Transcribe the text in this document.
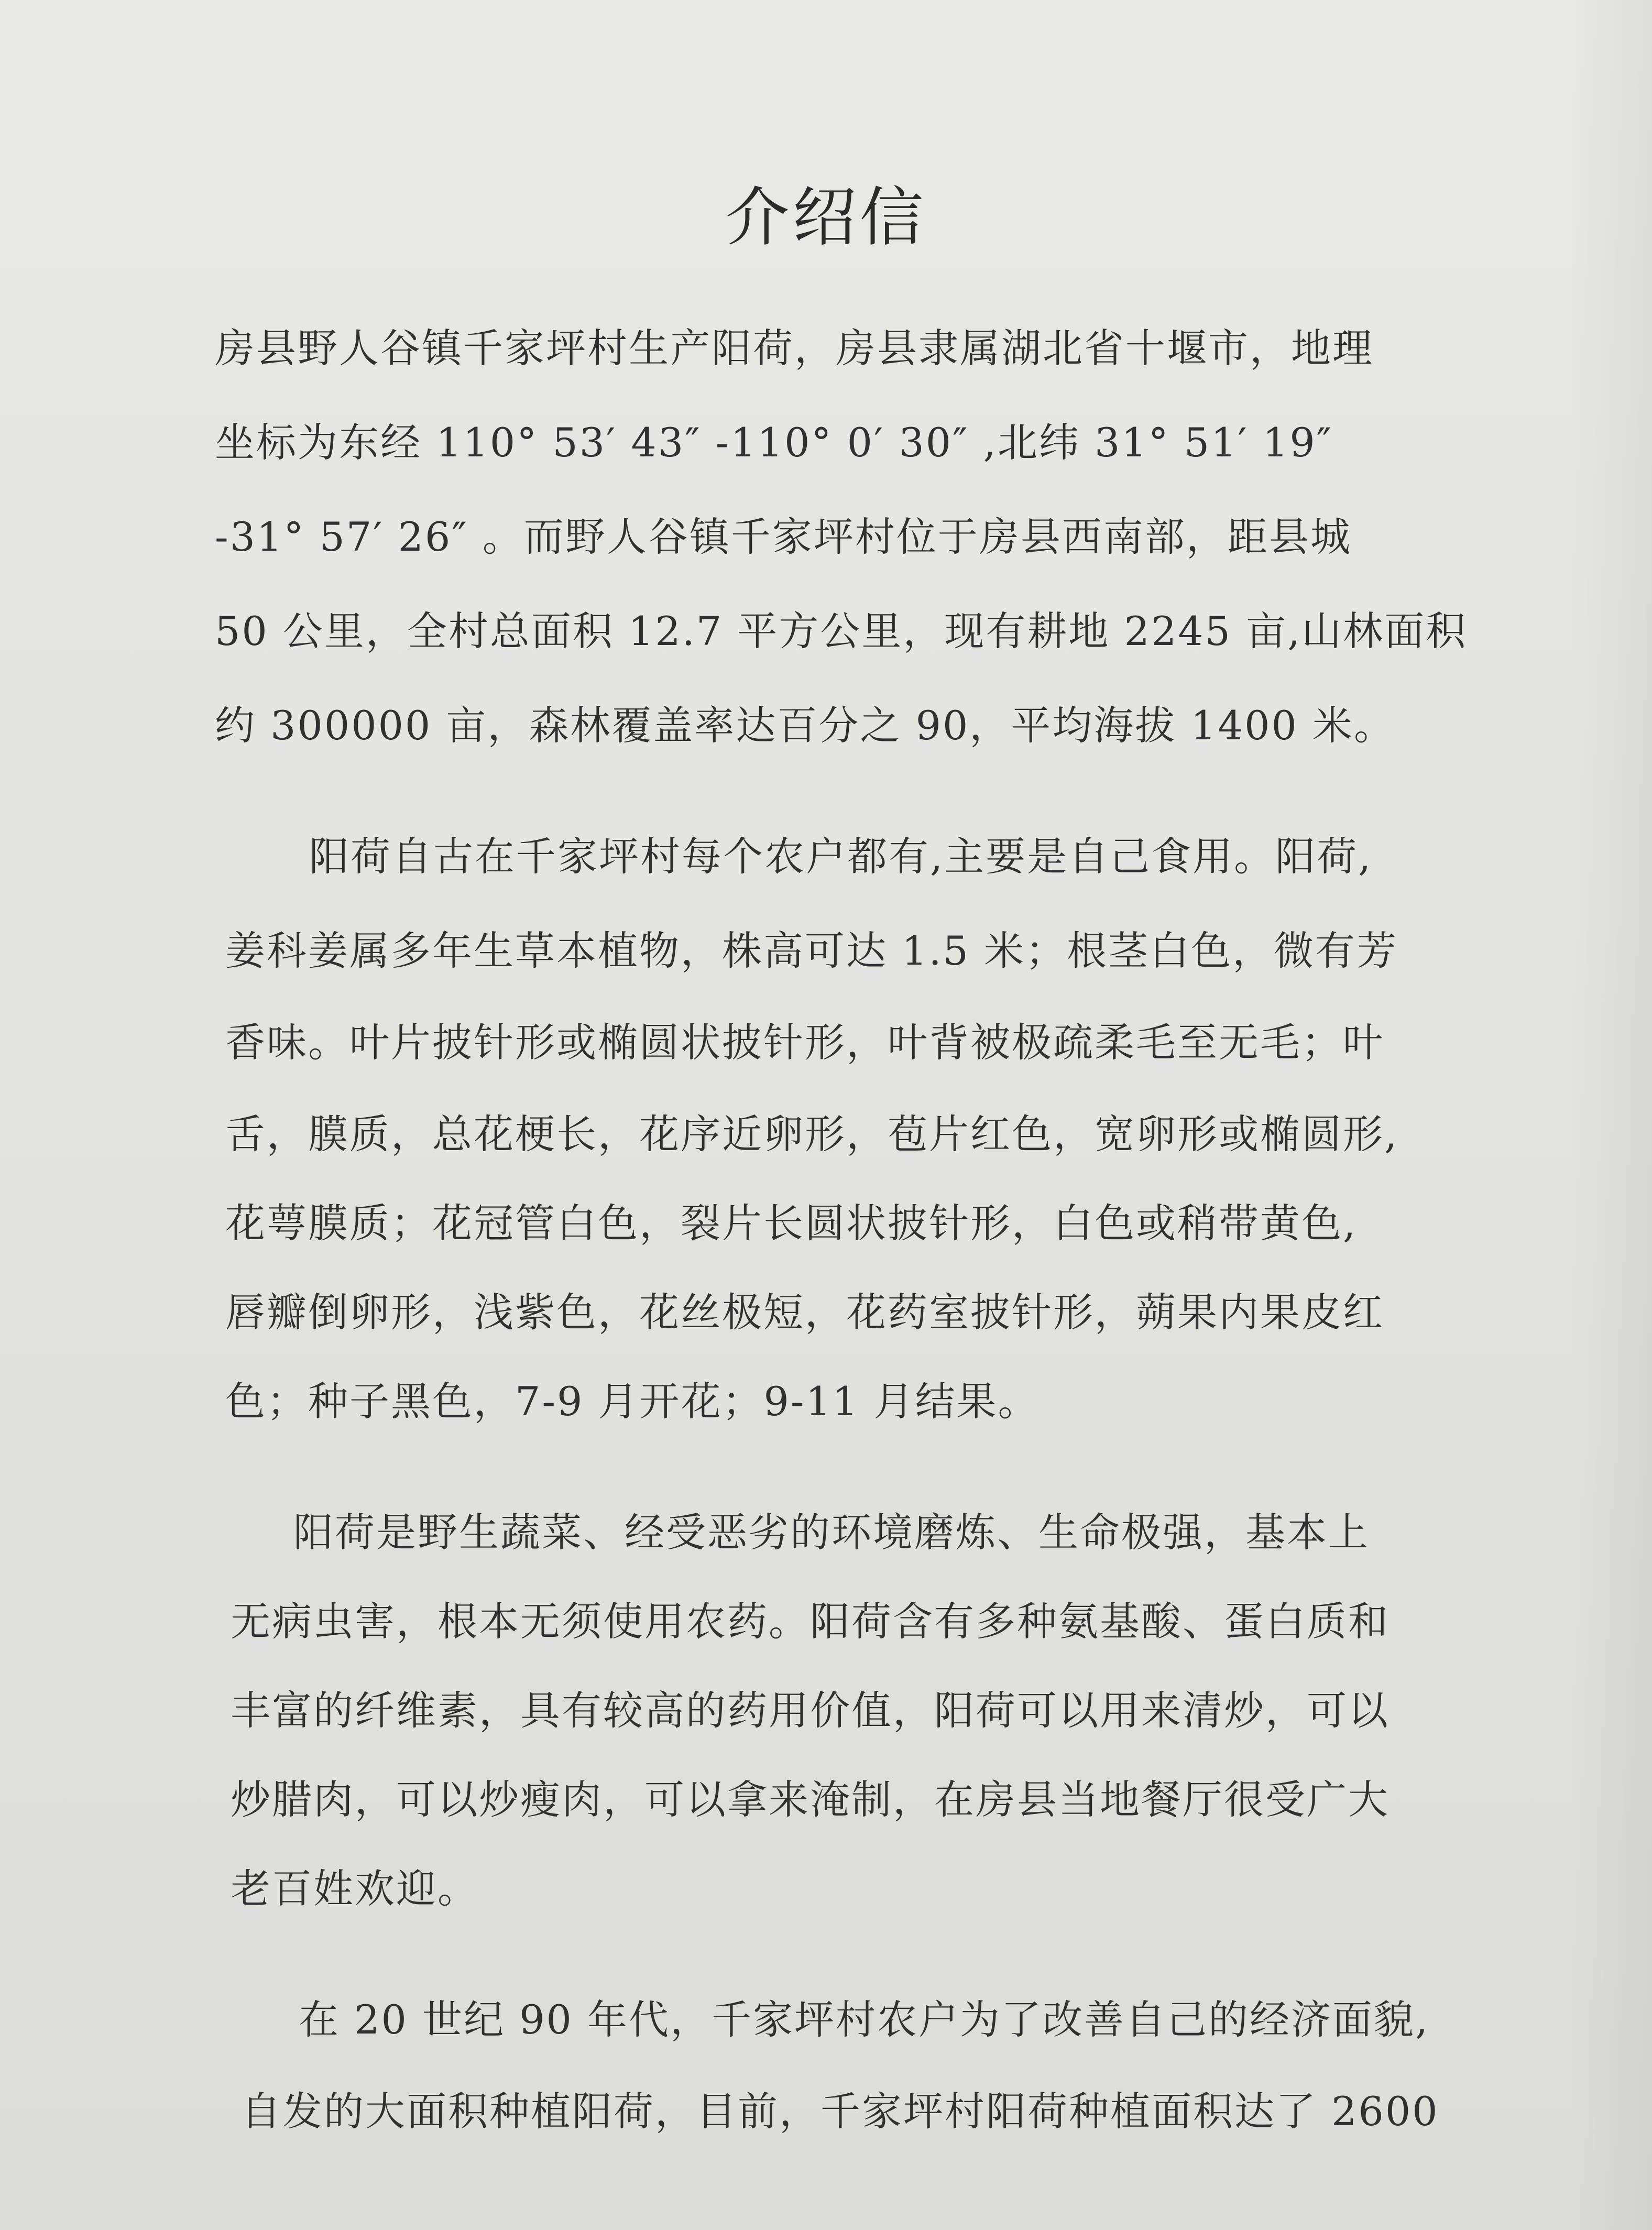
介绍信

房县野人谷镇千家坪村生产阳荷，房县隶属湖北省十堰市，地理

坐标为东经 110° 53′ 43″ -110° 0′ 30″ ,北纬 31° 51′ 19″

-31° 57′ 26″ 。而野人谷镇千家坪村位于房县西南部，距县城

50 公里，全村总面积 12.7 平方公里，现有耕地 2245 亩,山林面积

约 300000 亩，森林覆盖率达百分之 90，平均海拔 1400 米。

阳荷自古在千家坪村每个农户都有,主要是自己食用。阳荷,

姜科姜属多年生草本植物，株高可达 1.5 米；根茎白色，微有芳

香味。叶片披针形或椭圆状披针形，叶背被极疏柔毛至无毛；叶

舌，膜质，总花梗长，花序近卵形，苞片红色，宽卵形或椭圆形,

花萼膜质；花冠管白色，裂片长圆状披针形，白色或稍带黄色,

唇瓣倒卵形，浅紫色，花丝极短，花药室披针形，蒴果内果皮红

色；种子黑色，7-9 月开花；9-11 月结果。

阳荷是野生蔬菜、经受恶劣的环境磨炼、生命极强，基本上

无病虫害，根本无须使用农药。阳荷含有多种氨基酸、蛋白质和

丰富的纤维素，具有较高的药用价值，阳荷可以用来清炒，可以

炒腊肉，可以炒瘦肉，可以拿来淹制，在房县当地餐厅很受广大

老百姓欢迎。

在 20 世纪 90 年代，千家坪村农户为了改善自己的经济面貌,

自发的大面积种植阳荷，目前，千家坪村阳荷种植面积达了 2600
